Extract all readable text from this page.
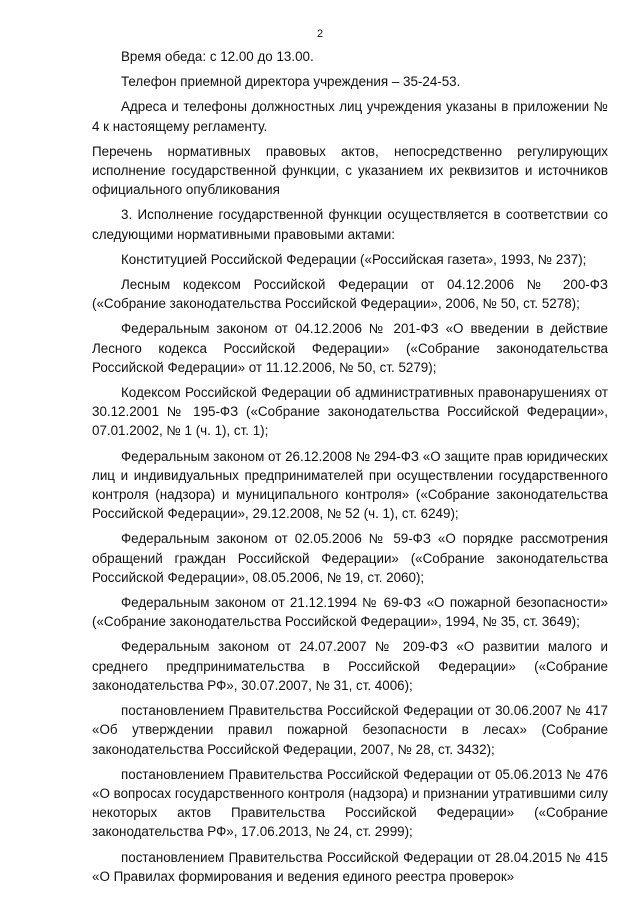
2

Время обеда: с 12.00 до 13.00.

Телефон приемной директора учреждения – 35-24-53.

Адреса и телефоны должностных лиц учреждения указаны в приложении № 4 к настоящему регламенту.

Перечень нормативных правовых актов, непосредственно регулирующих исполнение государственной функции, с указанием их реквизитов и источников официального опубликования

3. Исполнение государственной функции осуществляется в соответствии со следующими нормативными правовыми актами:

Конституцией Российской Федерации («Российская газета», 1993, № 237);

Лесным кодексом Российской Федерации от 04.12.2006 № 200-ФЗ («Собрание законодательства Российской Федерации», 2006, № 50, ст. 5278);

Федеральным законом от 04.12.2006 № 201-ФЗ «О введении в действие Лесного кодекса Российской Федерации» («Собрание законодательства Российской Федерации» от 11.12.2006, № 50, ст. 5279);

Кодексом Российской Федерации об административных правонарушениях от 30.12.2001 № 195-ФЗ («Собрание законодательства Российской Федерации», 07.01.2002, № 1 (ч. 1), ст. 1);

Федеральным законом от 26.12.2008 № 294-ФЗ «О защите прав юридических лиц и индивидуальных предпринимателей при осуществлении государственного контроля (надзора) и муниципального контроля» («Собрание законодательства Российской Федерации», 29.12.2008, № 52 (ч. 1), ст. 6249);

Федеральным законом от 02.05.2006 № 59-ФЗ «О порядке рассмотрения обращений граждан Российской Федерации» («Собрание законодательства Российской Федерации», 08.05.2006, № 19, ст. 2060);

Федеральным законом от 21.12.1994 № 69-ФЗ «О пожарной безопасности» («Собрание законодательства Российской Федерации», 1994, № 35, ст. 3649);

Федеральным законом от 24.07.2007 № 209-ФЗ «О развитии малого и среднего предпринимательства в Российской Федерации» («Собрание законодательства РФ», 30.07.2007, № 31, ст. 4006);

постановлением Правительства Российской Федерации от 30.06.2007 № 417 «Об утверждении правил пожарной безопасности в лесах» (Собрание законодательства Российской Федерации, 2007, № 28, ст. 3432);

постановлением Правительства Российской Федерации от 05.06.2013 № 476 «О вопросах государственного контроля (надзора) и признании утратившими силу некоторых актов Правительства Российской Федерации» («Собрание законодательства РФ», 17.06.2013, № 24, ст. 2999);

постановлением Правительства Российской Федерации от 28.04.2015 № 415 «О Правилах формирования и ведения единого реестра проверок»
